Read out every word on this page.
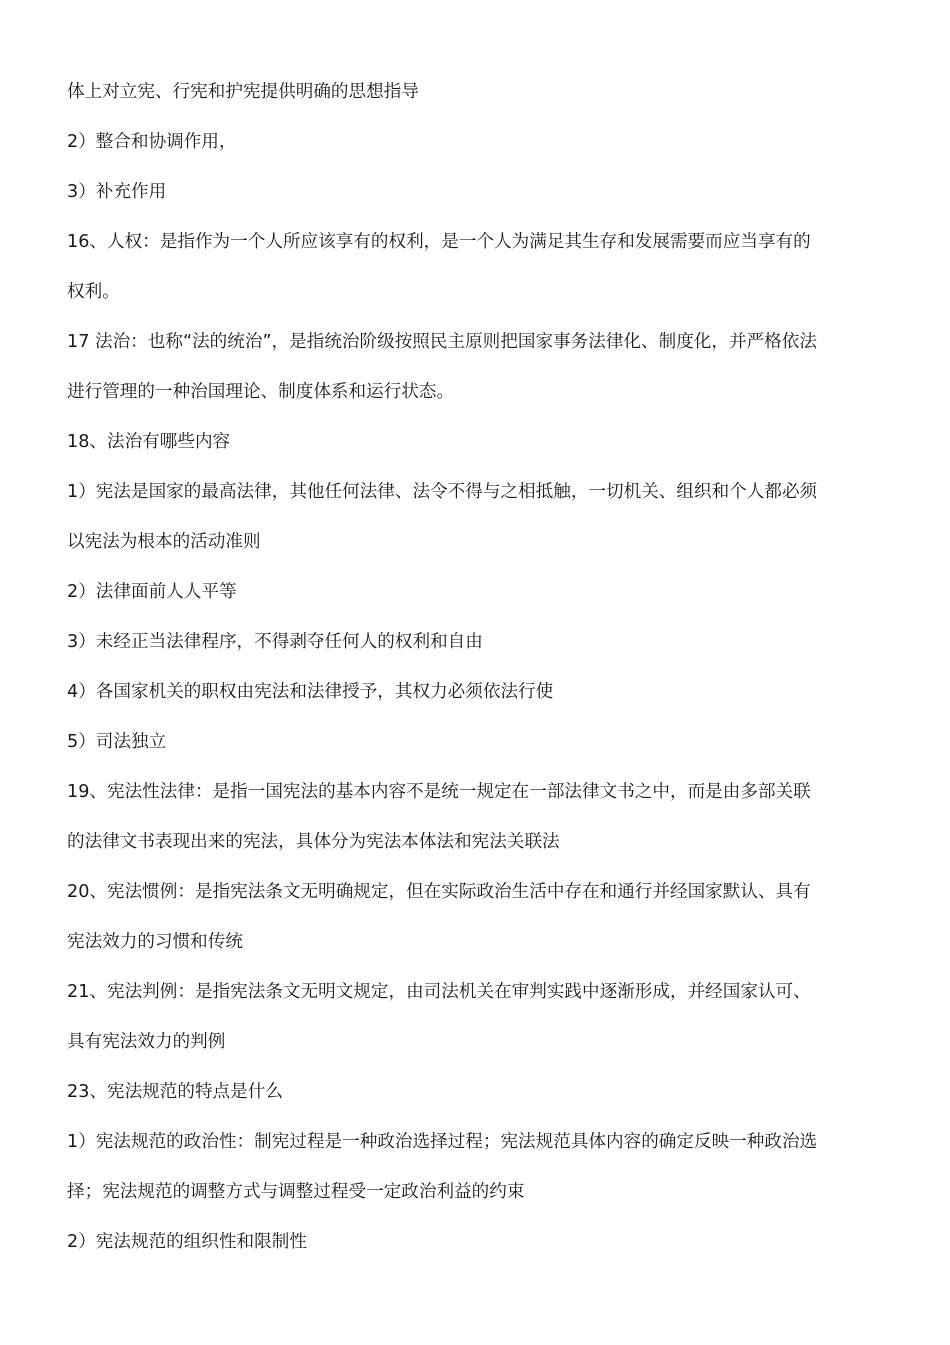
体上对立宪、行宪和护宪提供明确的思想指导

2）整合和协调作用，

3）补充作用

16、人权：是指作为一个人所应该享有的权利，是一个人为满足其生存和发展需要而应当享有的

权利。

17 法治：也称“法的统治”，是指统治阶级按照民主原则把国家事务法律化、制度化，并严格依法

进行管理的一种治国理论、制度体系和运行状态。

18、法治有哪些内容

1）宪法是国家的最高法律，其他任何法律、法令不得与之相抵触，一切机关、组织和个人都必须

以宪法为根本的活动准则

2）法律面前人人平等

3）未经正当法律程序，不得剥夺任何人的权利和自由

4）各国家机关的职权由宪法和法律授予，其权力必须依法行使

5）司法独立

19、宪法性法律：是指一国宪法的基本内容不是统一规定在一部法律文书之中，而是由多部关联

的法律文书表现出来的宪法，具体分为宪法本体法和宪法关联法

20、宪法惯例：是指宪法条文无明确规定，但在实际政治生活中存在和通行并经国家默认、具有

宪法效力的习惯和传统

21、宪法判例：是指宪法条文无明文规定，由司法机关在审判实践中逐渐形成，并经国家认可、

具有宪法效力的判例

23、宪法规范的特点是什么

1）宪法规范的政治性：制宪过程是一种政治选择过程；宪法规范具体内容的确定反映一种政治选

择；宪法规范的调整方式与调整过程受一定政治利益的约束

2）宪法规范的组织性和限制性
